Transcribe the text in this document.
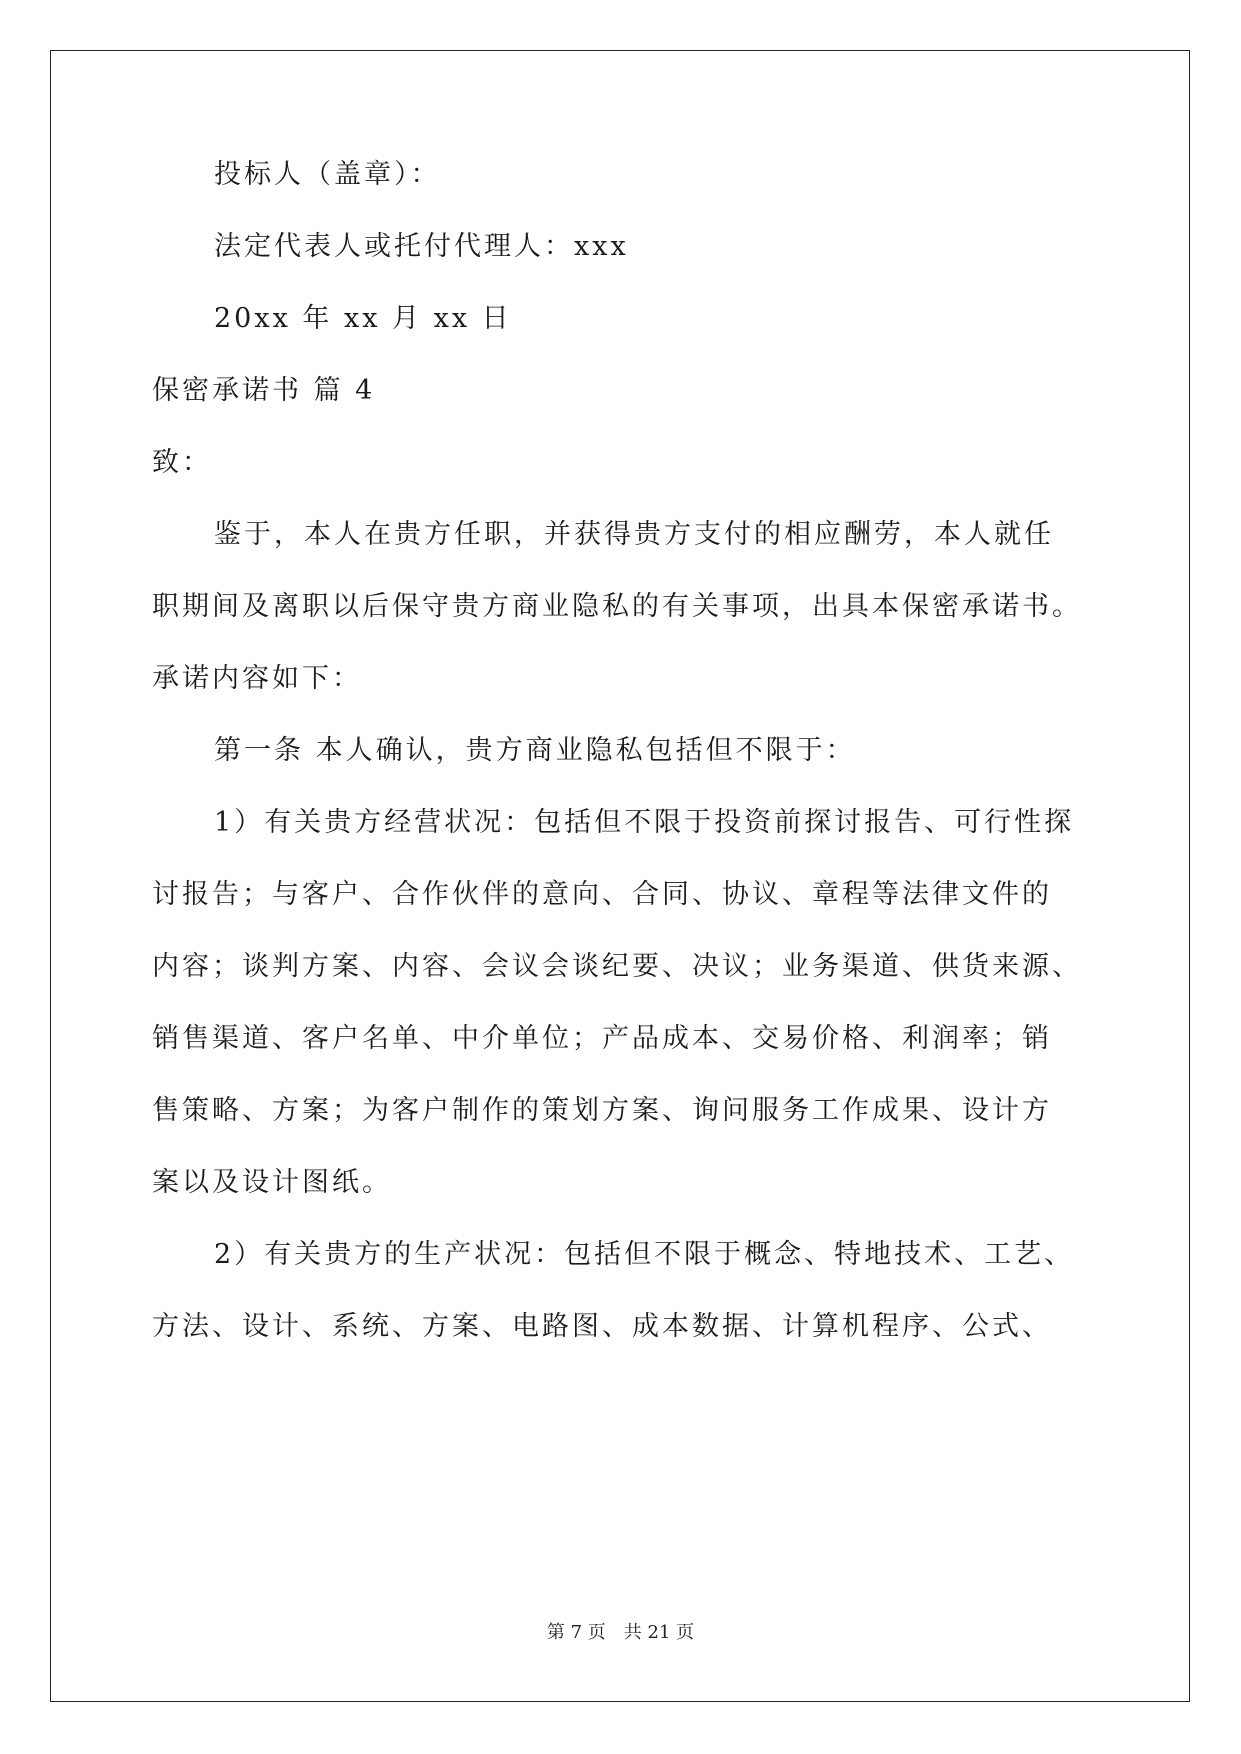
投标人（盖章）：
法定代表人或托付代理人：xxx
20xx 年 xx 月 xx 日
保密承诺书 篇 4
致：
鉴于，本人在贵方任职，并获得贵方支付的相应酬劳，本人就任
职期间及离职以后保守贵方商业隐私的有关事项，出具本保密承诺书。
承诺内容如下：
第一条 本人确认，贵方商业隐私包括但不限于：
1）有关贵方经营状况：包括但不限于投资前探讨报告、可行性探
讨报告；与客户、合作伙伴的意向、合同、协议、章程等法律文件的
内容；谈判方案、内容、会议会谈纪要、决议；业务渠道、供货来源、
销售渠道、客户名单、中介单位；产品成本、交易价格、利润率；销
售策略、方案；为客户制作的策划方案、询问服务工作成果、设计方
案以及设计图纸。
2）有关贵方的生产状况：包括但不限于概念、特地技术、工艺、
方法、设计、系统、方案、电路图、成本数据、计算机程序、公式、
第 7 页　共 21 页
